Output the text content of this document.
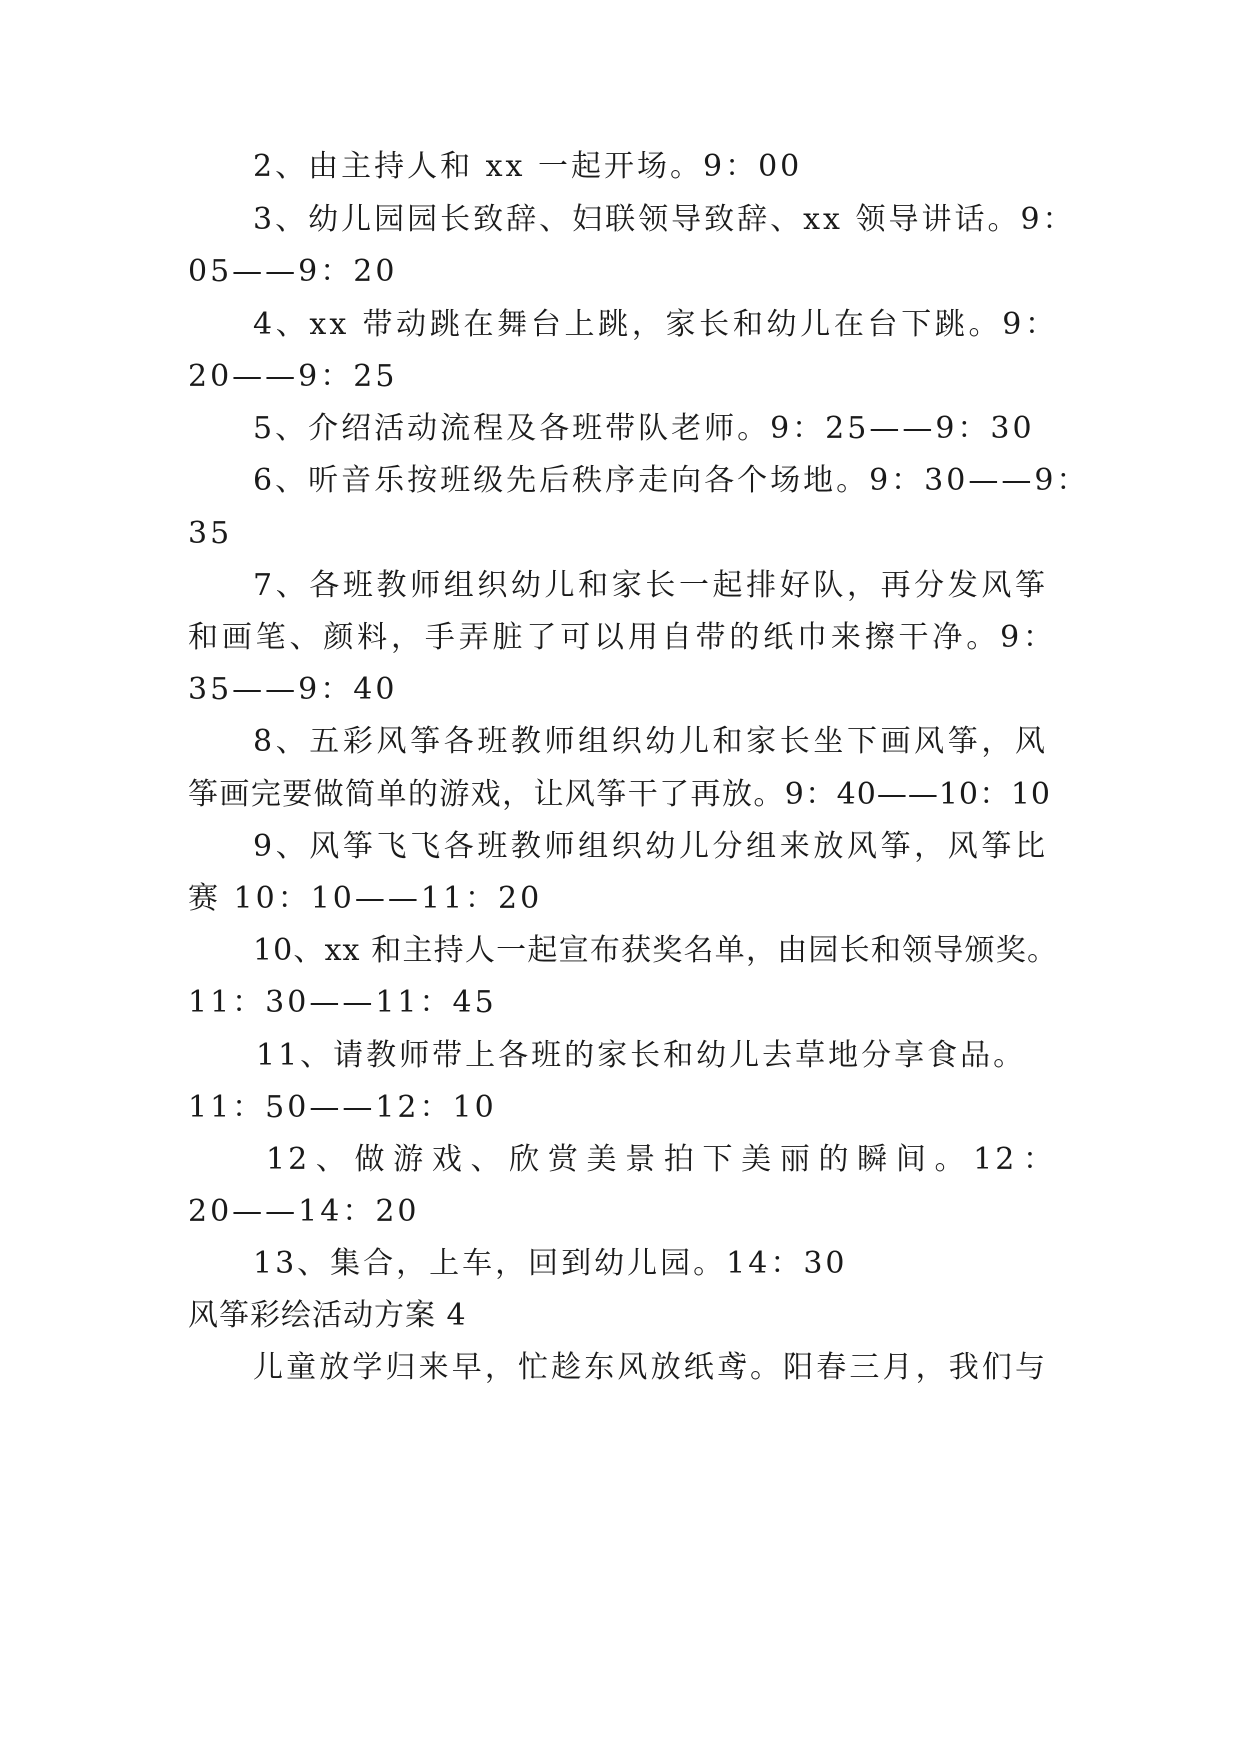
2、由主持人和 xx 一起开场。9：00
3、幼儿园园长致辞、妇联领导致辞、xx 领导讲话。9：
05——9：20
4、xx 带动跳在舞台上跳，家长和幼儿在台下跳。9：
20——9：25
5、介绍活动流程及各班带队老师。9：25——9：30
6、听音乐按班级先后秩序走向各个场地。9：30——9：
35
7、各班教师组织幼儿和家长一起排好队，再分发风筝
和画笔、颜料，手弄脏了可以用自带的纸巾来擦干净。9：
35——9：40
8、五彩风筝各班教师组织幼儿和家长坐下画风筝，风
筝画完要做简单的游戏，让风筝干了再放。9：40——10：10
9、风筝飞飞各班教师组织幼儿分组来放风筝，风筝比
赛 10：10——11：20
10、xx 和主持人一起宣布获奖名单，由园长和领导颁奖。
11：30——11：45
11、请教师带上各班的家长和幼儿去草地分享食品。
11：50——12：10
12、做游戏、欣赏美景拍下美丽的瞬间。12：
20——14：20
13、集合，上车，回到幼儿园。14：30
风筝彩绘活动方案 4
儿童放学归来早，忙趁东风放纸鸢。阳春三月，我们与
